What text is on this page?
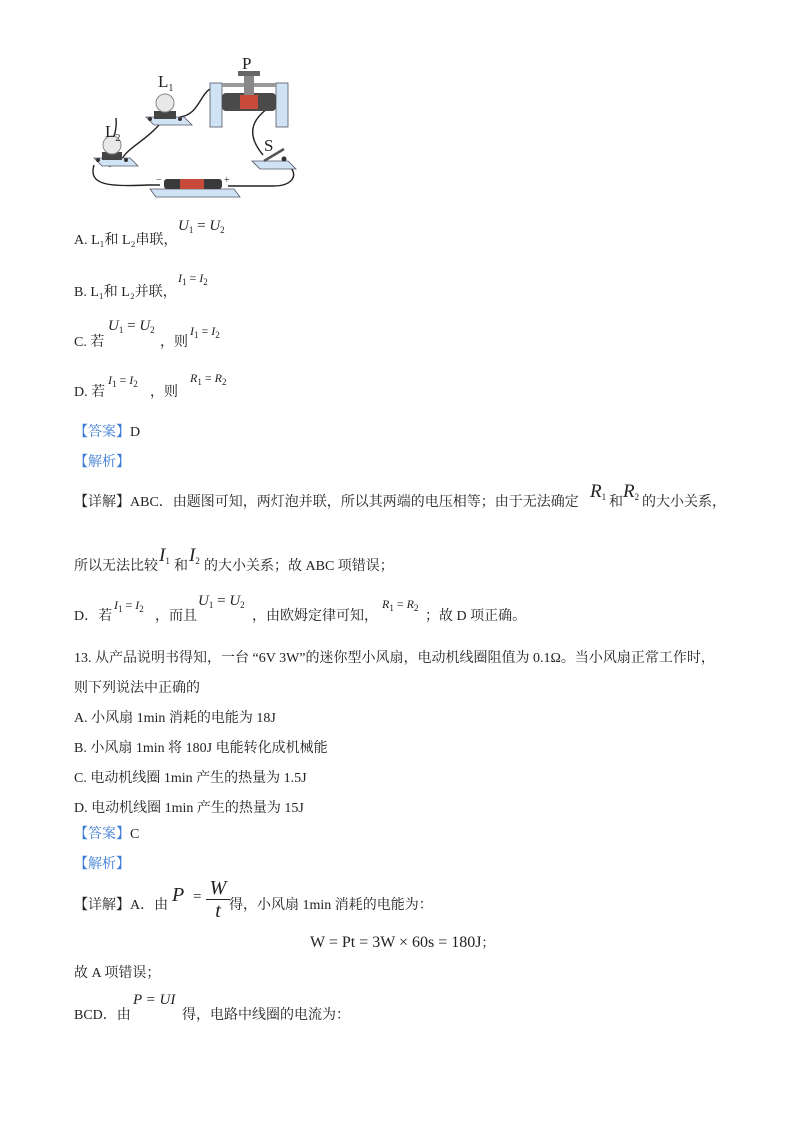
$L_1$
$L_2$
P
S
−	+
A. L₁和 L₂串联，
$U_1 = U_2$
B. L₁和 L₂并联，
$I_1 = I_2$
C. 若
$U_1 = U_2$
，则
$I_1 = I_2$
D. 若
$I_1 = I_2$
，则
$R_1 = R_2$
【答案】D
【解析】
【详解】ABC．由题图可知，两灯泡并联，所以其两端的电压相等；由于无法确定
$R_1$ 和
$R_2$ 的大小关系，
所以无法比较
$I_1$ 和
$I_2$ 的大小关系；故 ABC 项错误；
D．若
$I_1 = I_2$ ，而且
$U_1 = U_2$
，由欧姆定律可知，
$R_1 = R_2$
；故 D 项正确。
13. 从产品说明书得知，一台 “6V 3W”的迷你型小风扇，电动机线圈阻值为 0.1Ω。当小风扇正常工作时，
则下列说法中正确的
A. 小风扇 1min 消耗的电能为 18J
B. 小风扇 1min 将 180J 电能转化成机械能
C. 电动机线圈 1min 产生的热量为 1.5J
D. 电动机线圈 1min 产生的热量为 15J
【答案】C
【解析】
【详解】A．由 P = W
t 得，小风扇 1min 消耗的电能为：
W = Pt = 3W × 60s = 180J；
故 A 项错误；
BCD．由
P = UI
得，电路中线圈的电流为：
